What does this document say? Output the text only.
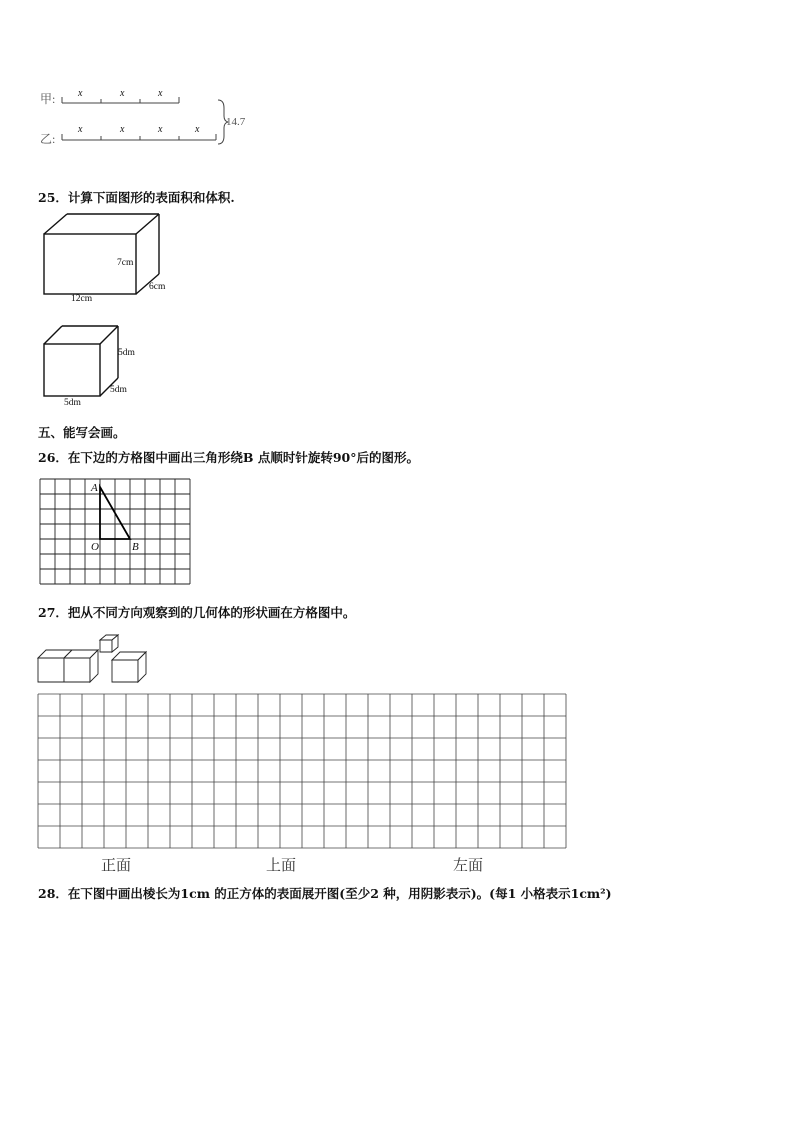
甲:
乙:
x	x	x
x	x	x	x
14.7
25．计算下面图形的表面积和体积.
7cm
6cm
12cm
5dm
5dm
5dm
五、能写会画。
26．在下边的方格图中画出三角形绕B 点顺时针旋转90°后的图形。
A
O	B
27．把从不同方向观察到的几何体的形状画在方格图中。
正面	上面	左面
28．在下图中画出棱长为1cm 的正方体的表面展开图(至少2 种，用阴影表示)。(每1 小格表示1cm²)
